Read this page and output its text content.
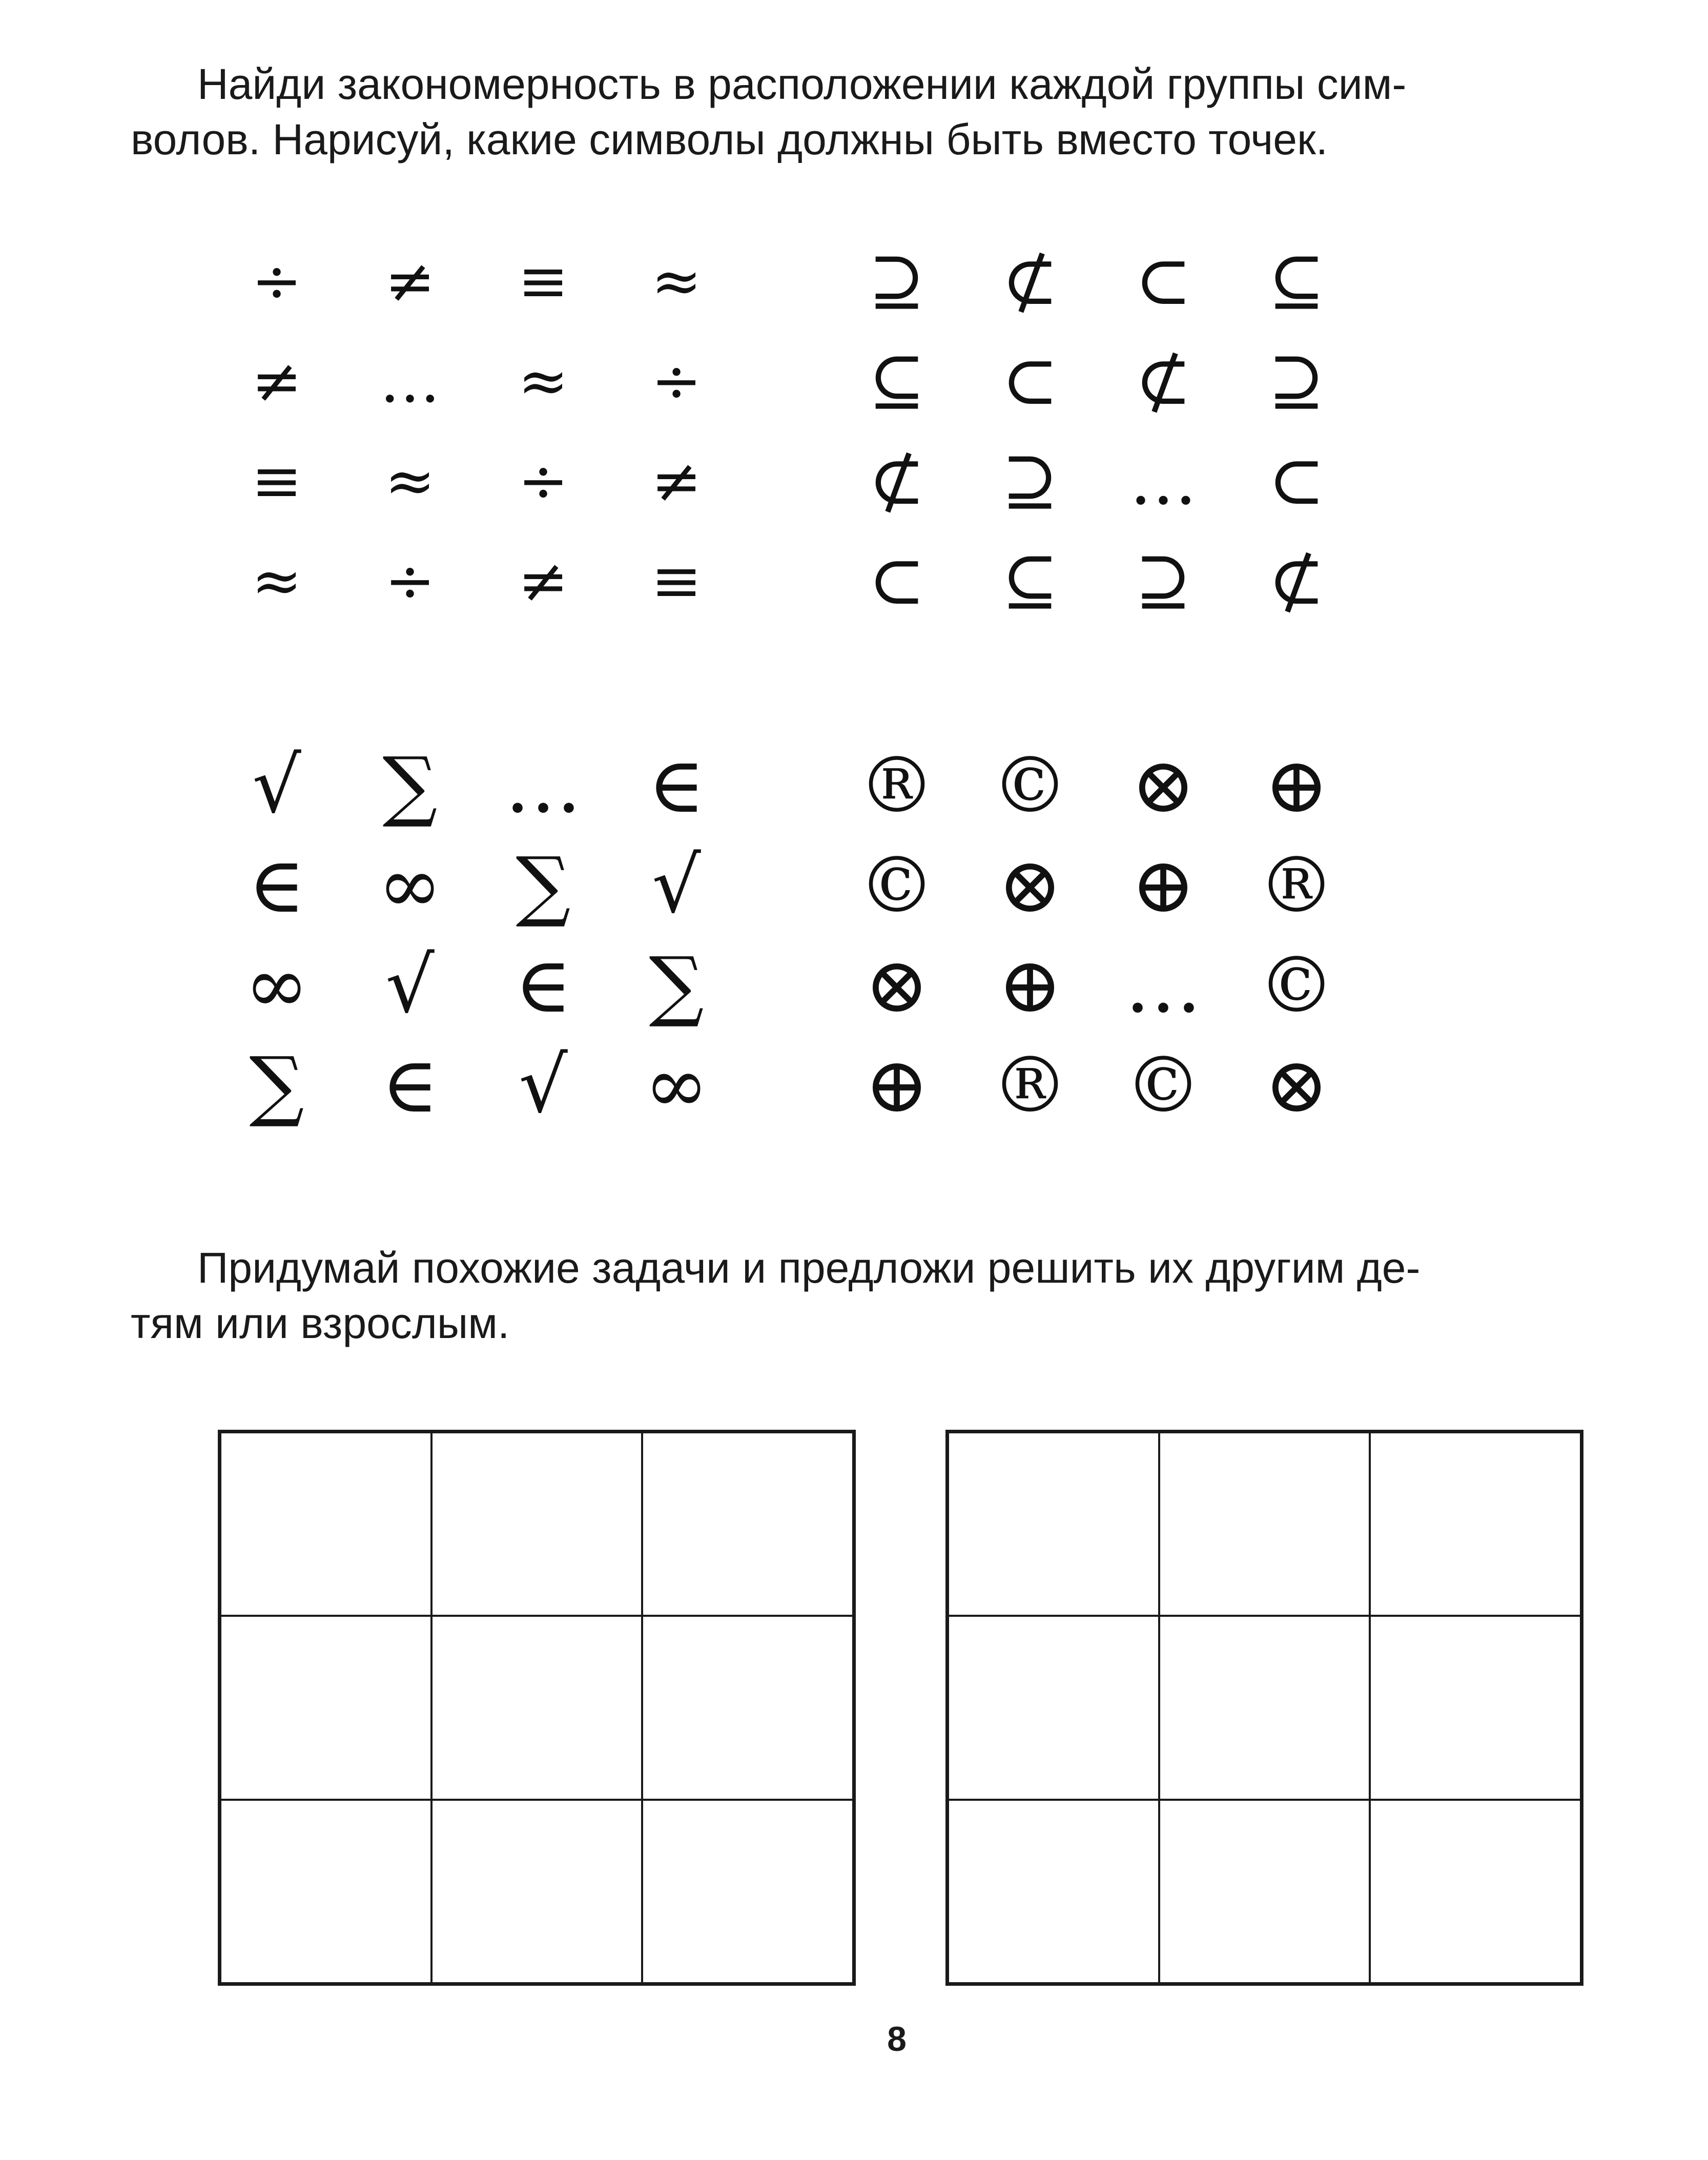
Найди закономерность в расположении каждой группы сим-
волов. Нарисуй, какие символы должны быть вместо точек.
÷	≠	≡	≈
≠	…	≈	÷
≡	≈	÷	≠
≈	÷	≠	≡
⊇	⊄	⊂	⊆
⊆	⊂	⊄	⊇
⊄	⊇	…	⊂
⊂	⊆	⊇	⊄
√	∑ … ∈
∈ ∞ ∑	√
∞ √	∈	∑
∑	∈	√ ∞
® © ⊗ ⊕
© ⊗ ⊕ ®
⊗ ⊕ … ©
⊕ ® © ⊗
Придумай похожие задачи и предложи решить их другим де-
тям или взрослым.
8
